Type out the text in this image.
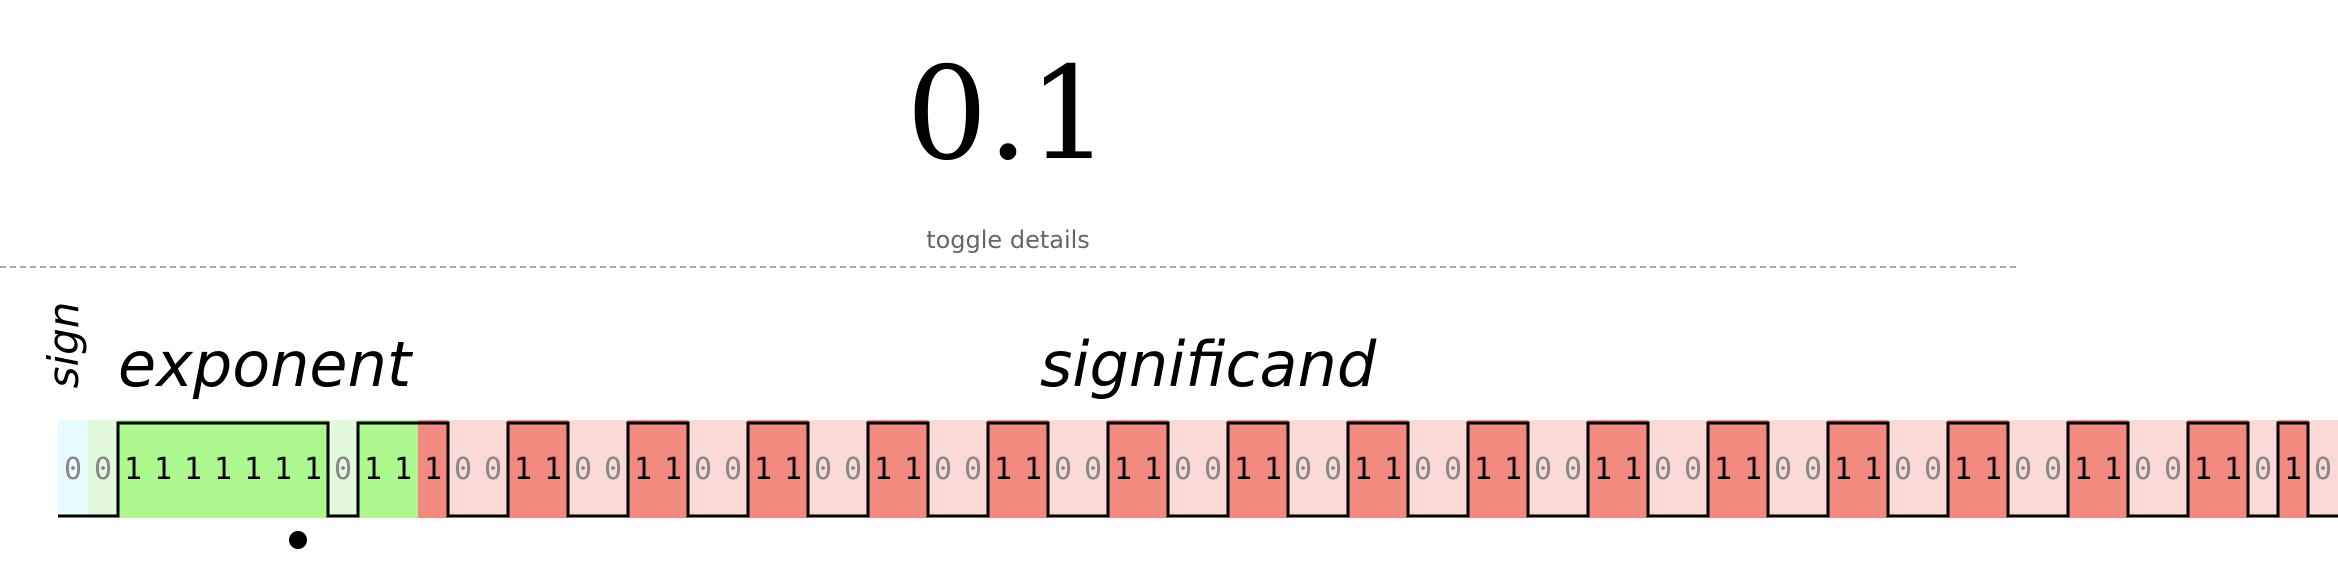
0.1
toggle details
sign exponent	significand
0 0 1 1 1 1 1 1 1 0 1 1 1 0 0 1 1 0 0 1 1 0 0 1 1 0 0 1 1 0 0 1 1 0 0 1 1 0 0 1 1 0 0 1 1 0 0 1 1 0 0 1 1 0 0 1 1 0 0 1 1 0 0 1 1 0 0 1 1 0 0 1 1 0 1 0
